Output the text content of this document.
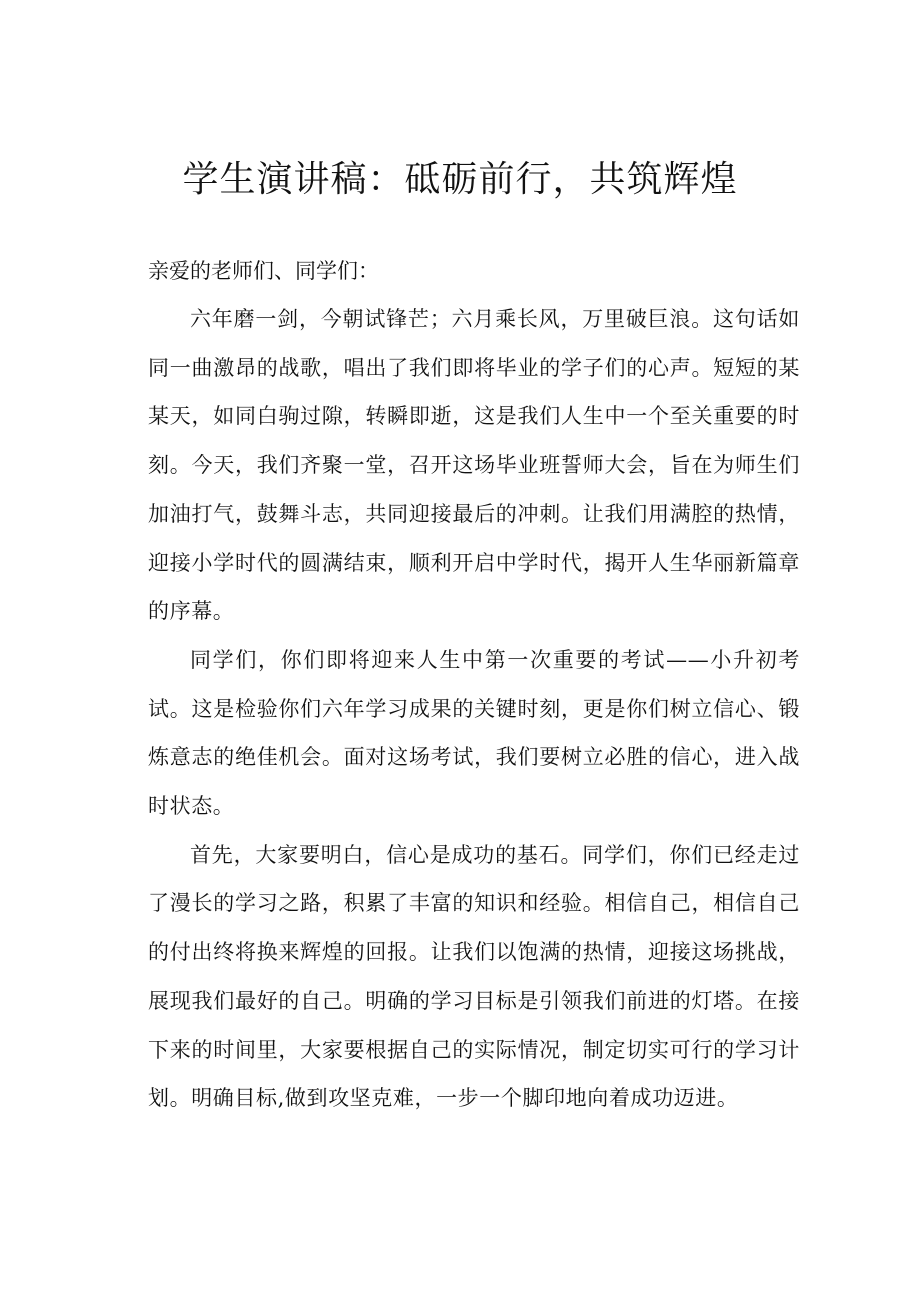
学生演讲稿：砥砺前行，共筑辉煌

亲爱的老师们、同学们：

六年磨一剑，今朝试锋芒；六月乘长风，万里破巨浪。这句话如同一曲激昂的战歌，唱出了我们即将毕业的学子们的心声。短短的某某天，如同白驹过隙，转瞬即逝，这是我们人生中一个至关重要的时刻。今天，我们齐聚一堂，召开这场毕业班誓师大会，旨在为师生们加油打气，鼓舞斗志，共同迎接最后的冲刺。让我们用满腔的热情，迎接小学时代的圆满结束，顺利开启中学时代，揭开人生华丽新篇章的序幕。

同学们，你们即将迎来人生中第一次重要的考试——小升初考试。这是检验你们六年学习成果的关键时刻，更是你们树立信心、锻炼意志的绝佳机会。面对这场考试，我们要树立必胜的信心，进入战时状态。

首先，大家要明白，信心是成功的基石。同学们，你们已经走过了漫长的学习之路，积累了丰富的知识和经验。相信自己，相信自己的付出终将换来辉煌的回报。让我们以饱满的热情，迎接这场挑战，展现我们最好的自己。明确的学习目标是引领我们前进的灯塔。在接下来的时间里，大家要根据自己的实际情况，制定切实可行的学习计划。明确目标,做到攻坚克难，一步一个脚印地向着成功迈进。
